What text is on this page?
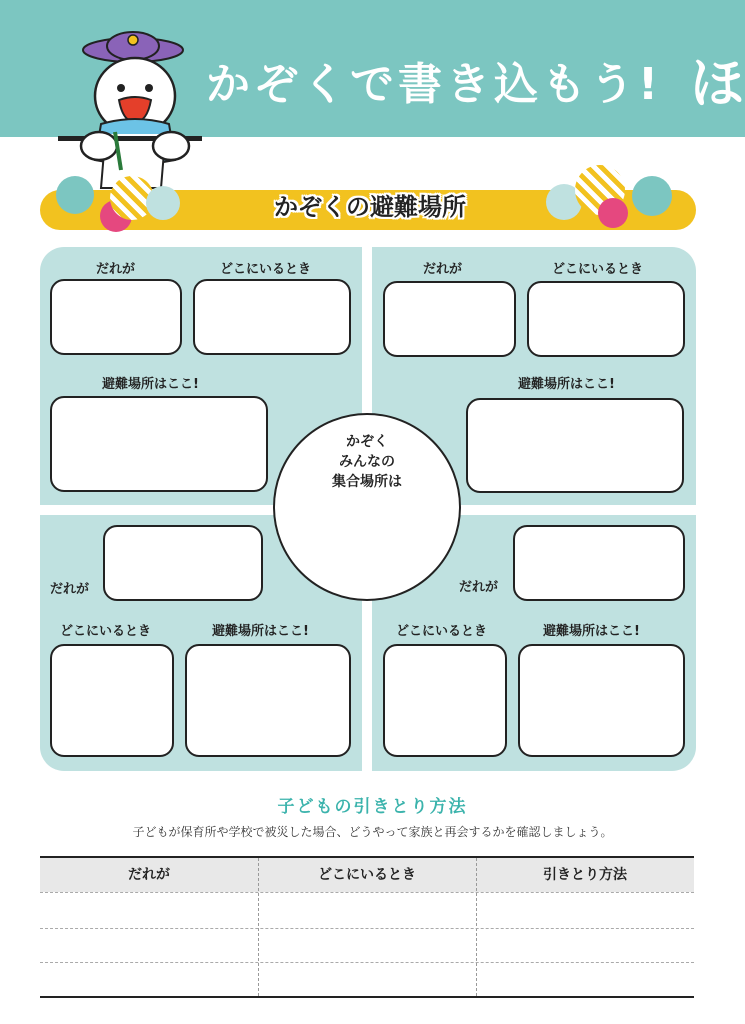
かぞくで書き込もう! ほ
かぞくの避難場所
だれが	どこにいるとき
避難場所はここ!
だれが	どこにいるとき
避難場所はここ!
だれが
どこにいるとき	避難場所はここ!
だれが
どこにいるとき	避難場所はここ!
かぞく
みんなの
集合場所は
子どもの引きとり方法
子どもが保育所や学校で被災した場合、どうやって家族と再会するかを確認しましょう。
だれが	どこにいるとき	引きとり方法
